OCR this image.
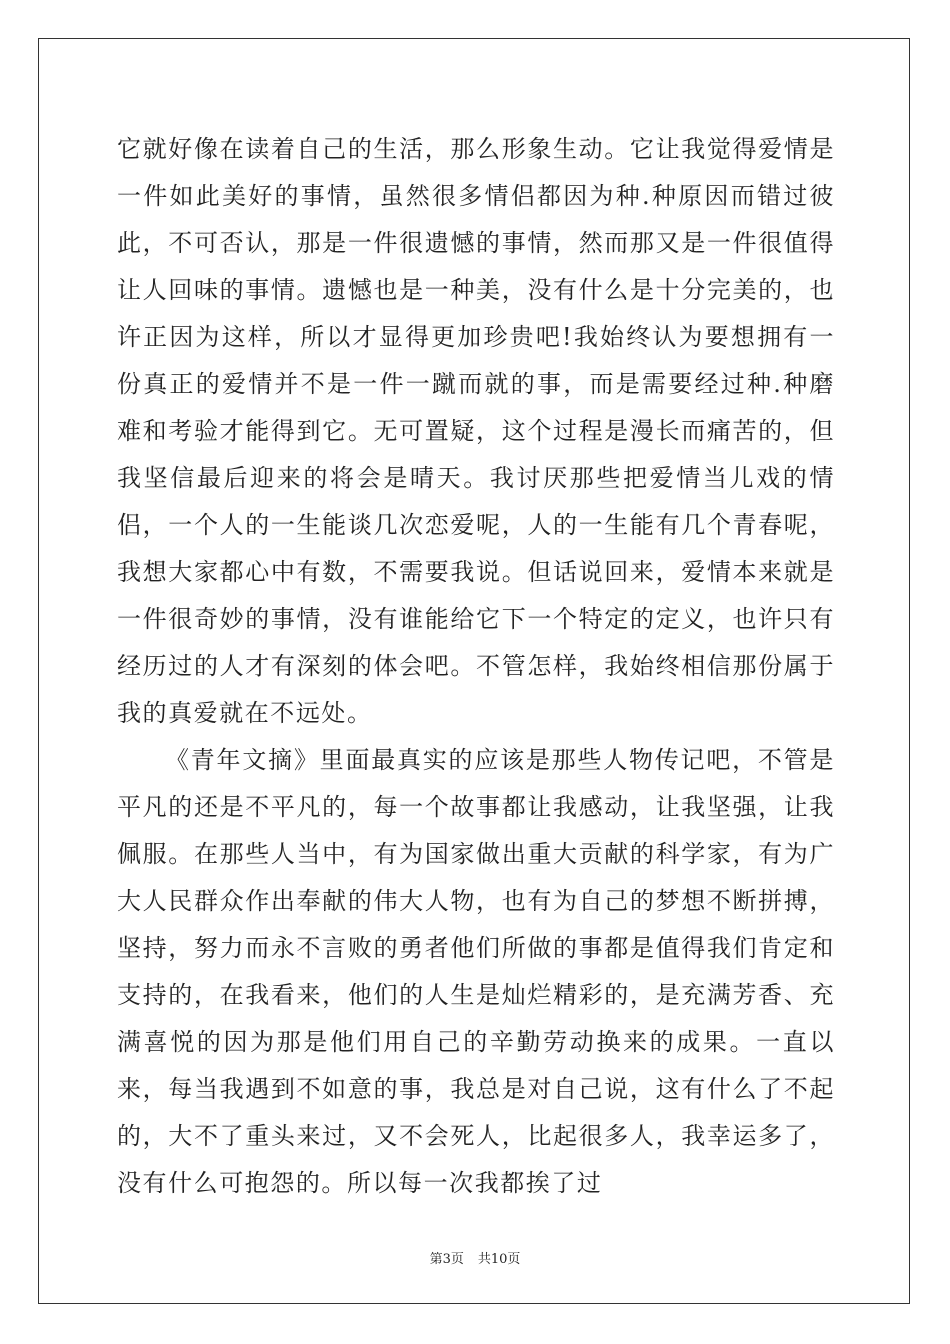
它就好像在读着自己的生活，那么形象生动。它让我觉得爱情是一件如此美好的事情，虽然很多情侣都因为种.种原因而错过彼此，不可否认，那是一件很遗憾的事情，然而那又是一件很值得让人回味的事情。遗憾也是一种美，没有什么是十分完美的，也许正因为这样，所以才显得更加珍贵吧!我始终认为要想拥有一份真正的爱情并不是一件一蹴而就的事，而是需要经过种.种磨难和考验才能得到它。无可置疑，这个过程是漫长而痛苦的，但我坚信最后迎来的将会是晴天。我讨厌那些把爱情当儿戏的情侣，一个人的一生能谈几次恋爱呢，人的一生能有几个青春呢，我想大家都心中有数，不需要我说。但话说回来，爱情本来就是一件很奇妙的事情，没有谁能给它下一个特定的定义，也许只有经历过的人才有深刻的体会吧。不管怎样，我始终相信那份属于我的真爱就在不远处。

《青年文摘》里面最真实的应该是那些人物传记吧，不管是平凡的还是不平凡的，每一个故事都让我感动，让我坚强，让我佩服。在那些人当中，有为国家做出重大贡献的科学家，有为广大人民群众作出奉献的伟大人物，也有为自己的梦想不断拼搏，坚持，努力而永不言败的勇者他们所做的事都是值得我们肯定和支持的，在我看来，他们的人生是灿烂精彩的，是充满芳香、充满喜悦的因为那是他们用自己的辛勤劳动换来的成果。一直以来，每当我遇到不如意的事，我总是对自己说，这有什么了不起的，大不了重头来过，又不会死人，比起很多人，我幸运多了，没有什么可抱怨的。所以每一次我都挨了过

第3页 共10页
